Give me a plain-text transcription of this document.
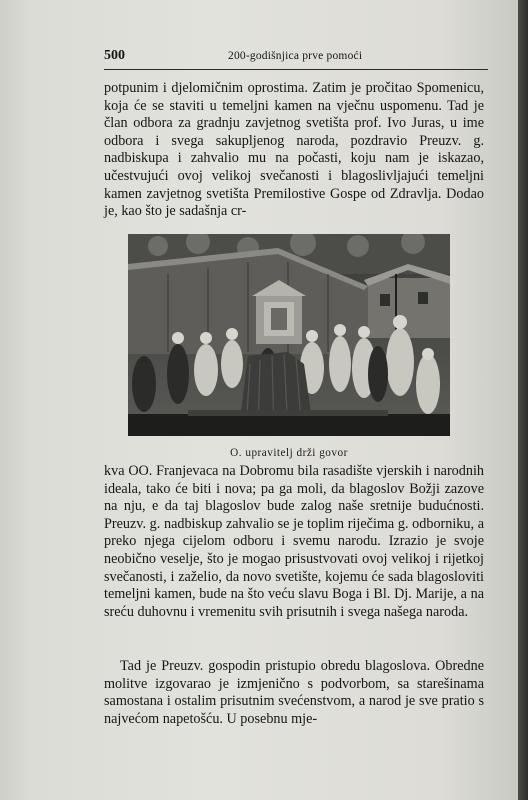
500	200-godišnjica prve pomoći
potpunim i djelomičnim oprostima. Zatim je pročitao Spomenicu, koja će se staviti u temeljni kamen na vječnu uspomenu. Tad je član odbora za gradnju zavjetnog svetišta prof. Ivo Juras, u ime odbora i svega sakupljenog naroda, pozdravio Preuzv. g. nadbiskupa i zahvalio mu na počasti, koju nam je iskazao, učestvujući ovoj velikoj svečanosti i blagoslivljajući temeljni kamen zavjetnog svetišta Premilostive Gospe od Zdravlja. Dodao je, kao što je sadašnja cr-
O. upravitelj drži govor
kva OO. Franjevaca na Dobromu bila rasadište vjerskih i narodnih ideala, tako će biti i nova; pa ga moli, da blagoslov Božji zazove na nju, e da taj blagoslov bude zalog naše sretnije budućnosti. Preuzv. g. nadbiskup zahvalio se je toplim riječima g. odborniku, a preko njega cijelom odboru i svemu narodu. Izrazio je svoje neobično veselje, što je mogao prisustvovati ovoj velikoj i rijetkoj svečanosti, i zaželio, da novo svetište, kojemu će sada blagosloviti temeljni kamen, bude na što veću slavu Boga i Bl. Dj. Marije, a na sreću duhovnu i vremenitu svih prisutnih i svega našega naroda.
Tad je Preuzv. gospodin pristupio obredu blagoslova. Obredne molitve izgovarao je izmjenično s podvorbom, sa starešinama samostana i ostalim prisutnim svećenstvom, a narod je sve pratio s najvećom napetošću. U posebnu mje-
